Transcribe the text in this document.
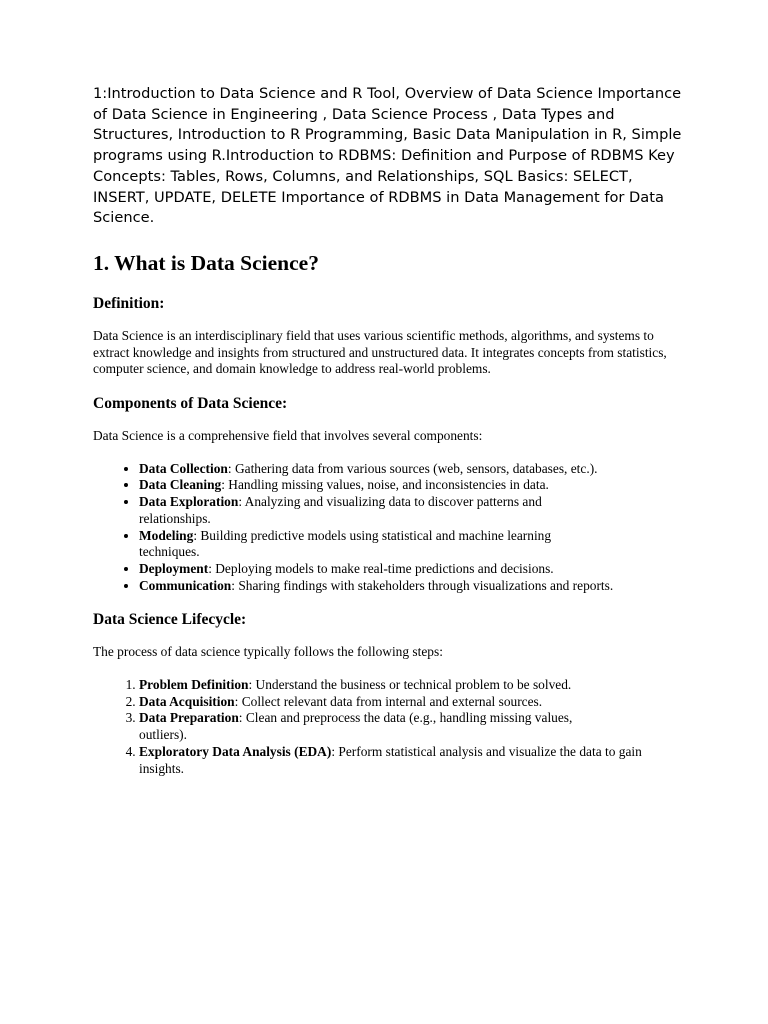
1:Introduction to Data Science and R Tool, Overview of Data Science Importance of Data Science in Engineering , Data Science Process , Data Types and Structures, Introduction to R Programming, Basic Data Manipulation in R, Simple programs using R.Introduction to RDBMS: Definition and Purpose of RDBMS Key

Concepts: Tables, Rows, Columns, and Relationships, SQL Basics: SELECT, INSERT, UPDATE, DELETE Importance of RDBMS in Data Management for Data Science.

1. What is Data Science?
Definition:

Data Science is an interdisciplinary field that uses various scientific methods, algorithms, and systems to extract knowledge and insights from structured and unstructured data. It integrates concepts from statistics, computer science, and domain knowledge to address real-world problems.

Components of Data Science:

Data Science is a comprehensive field that involves several components:

• Data Collection: Gathering data from various sources (web, sensors, databases, etc.).
• Data Cleaning: Handling missing values, noise, and inconsistencies in data.
• Data Exploration: Analyzing and visualizing data to discover patterns and relationships.
• Modeling: Building predictive models using statistical and machine learning techniques.
• Deployment: Deploying models to make real-time predictions and decisions.
• Communication: Sharing findings with stakeholders through visualizations and reports.
Data Science Lifecycle:

The process of data science typically follows the following steps:

1. Problem Definition: Understand the business or technical problem to be solved.
2. Data Acquisition: Collect relevant data from internal and external sources.
3. Data Preparation: Clean and preprocess the data (e.g., handling missing values, outliers).
4. Exploratory Data Analysis (EDA): Perform statistical analysis and visualize the data to gain insights.
